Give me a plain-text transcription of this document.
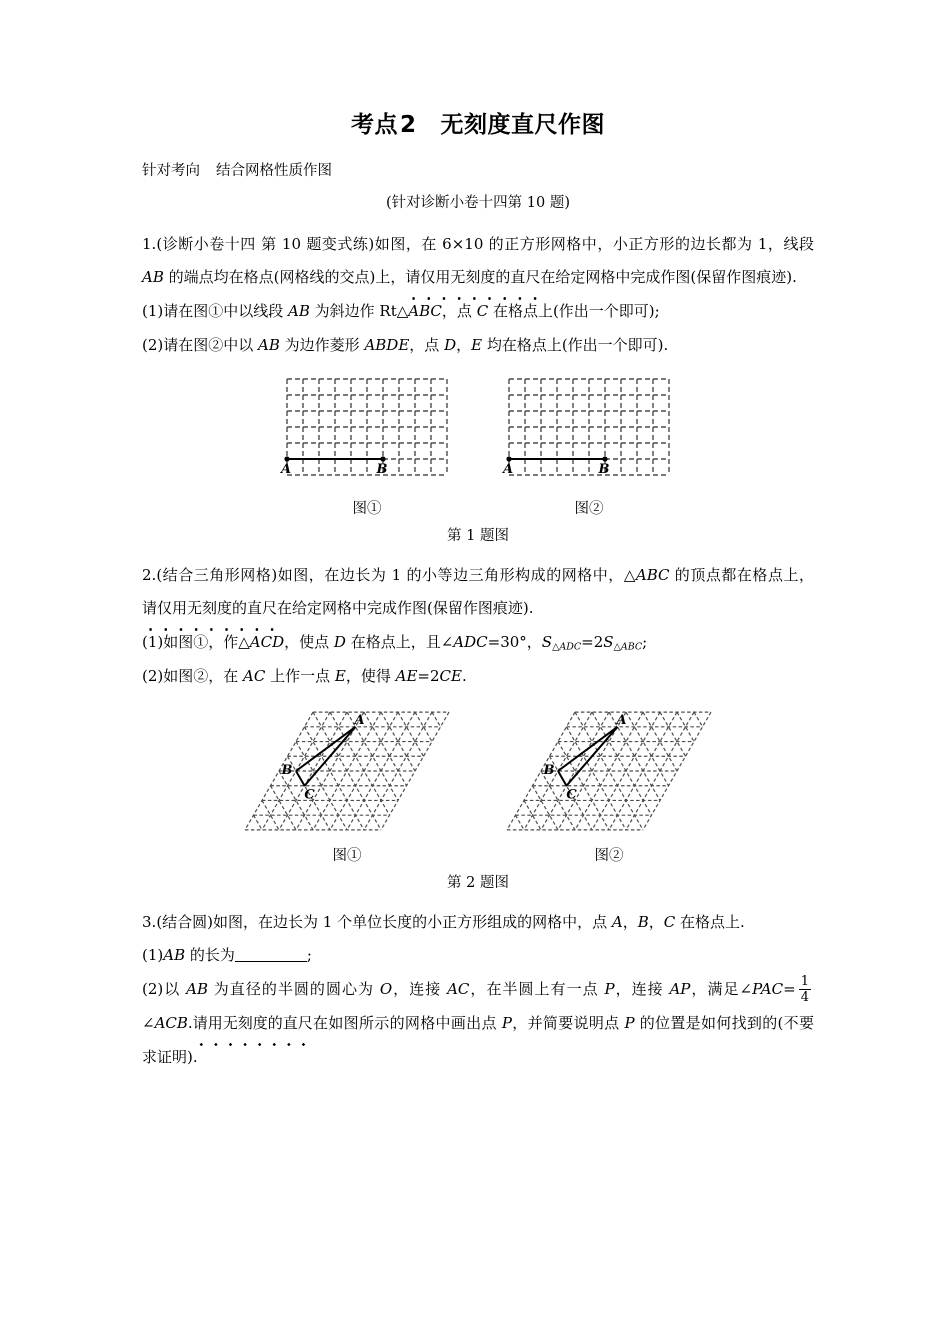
考点2 无刻度直尺作图
针对考向 结合网格性质作图
(针对诊断小卷十四第 10 题)

1.(诊断小卷十四 第 10 题变式练)如图，在 6×10 的正方形网格中，小正方形的边长都为 1，线段 AB 的端点均在格点(网格线的交点)上，请仅用无刻度的直尺在给定网格中完成作图(保留作图痕迹).

(1)请在图①中以线段 AB 为斜边作 Rt△ABC，点 C 在格点上(作出一个即可);

(2)请在图②中以 AB 为边作菱形 ABDE，点 D，E 均在格点上(作出一个即可).

A	B
图①
A	B
图②
第 1 题图

2.(结合三角形网格)如图，在边长为 1 的小等边三角形构成的网格中，△ABC 的顶点都在格点上，请仅用无刻度的直尺在给定网格中完成作图(保留作图痕迹).

(1)如图①，作△ACD，使点 D 在格点上，且∠ADC=30°，S△ADC=2S△ABC;

(2)如图②，在 AC 上作一点 E，使得 AE=2CE.

A
B
C
图①
A
B
C
图②
第 2 题图

3.(结合圆)如图，在边长为 1 个单位长度的小正方形组成的网格中，点 A，B，C 在格点上.

(1)AB 的长为	;

(2)以 AB 为直径的半圆的圆心为 O，连接 AC，在半圆上有一点 P，连接 AP，满足∠PAC= $\frac{1}{4}$
∠ACB.请用无刻度的直尺在如图所示的网格中画出点 P，并简要说明点 P 的位置是如何找到的(不要求证明).
